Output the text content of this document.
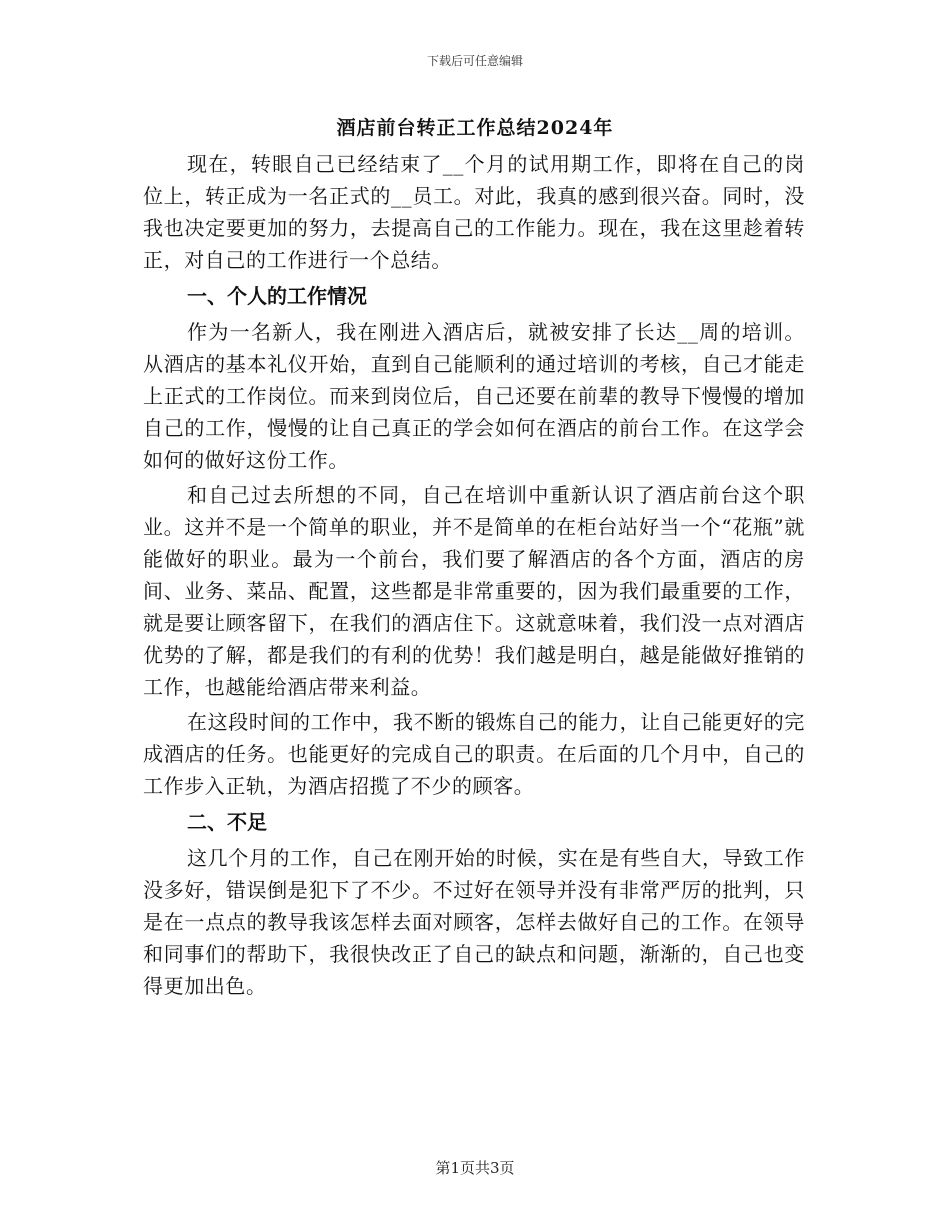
下载后可任意编辑
酒店前台转正工作总结2024年

现在，转眼自己已经结束了__个月的试用期工作，即将在自己的岗位上，转正成为一名正式的__员工。对此，我真的感到很兴奋。同时，没我也决定要更加的努力，去提高自己的工作能力。现在，我在这里趁着转正，对自己的工作进行一个总结。

一、个人的工作情况

作为一名新人，我在刚进入酒店后，就被安排了长达__周的培训。从酒店的基本礼仪开始，直到自己能顺利的通过培训的考核，自己才能走上正式的工作岗位。而来到岗位后，自己还要在前辈的教导下慢慢的增加自己的工作，慢慢的让自己真正的学会如何在酒店的前台工作。在这学会如何的做好这份工作。

和自己过去所想的不同，自己在培训中重新认识了酒店前台这个职业。这并不是一个简单的职业，并不是简单的在柜台站好当一个“花瓶”就能做好的职业。最为一个前台，我们要了解酒店的各个方面，酒店的房间、业务、菜品、配置，这些都是非常重要的，因为我们最重要的工作，就是要让顾客留下，在我们的酒店住下。这就意味着，我们没一点对酒店优势的了解，都是我们的有利的优势！我们越是明白，越是能做好推销的工作，也越能给酒店带来利益。

在这段时间的工作中，我不断的锻炼自己的能力，让自己能更好的完成酒店的任务。也能更好的完成自己的职责。在后面的几个月中，自己的工作步入正轨，为酒店招揽了不少的顾客。

二、不足

这几个月的工作，自己在刚开始的时候，实在是有些自大，导致工作没多好，错误倒是犯下了不少。不过好在领导并没有非常严厉的批判，只是在一点点的教导我该怎样去面对顾客，怎样去做好自己的工作。在领导和同事们的帮助下，我很快改正了自己的缺点和问题，渐渐的，自己也变得更加出色。

第1页共3页
